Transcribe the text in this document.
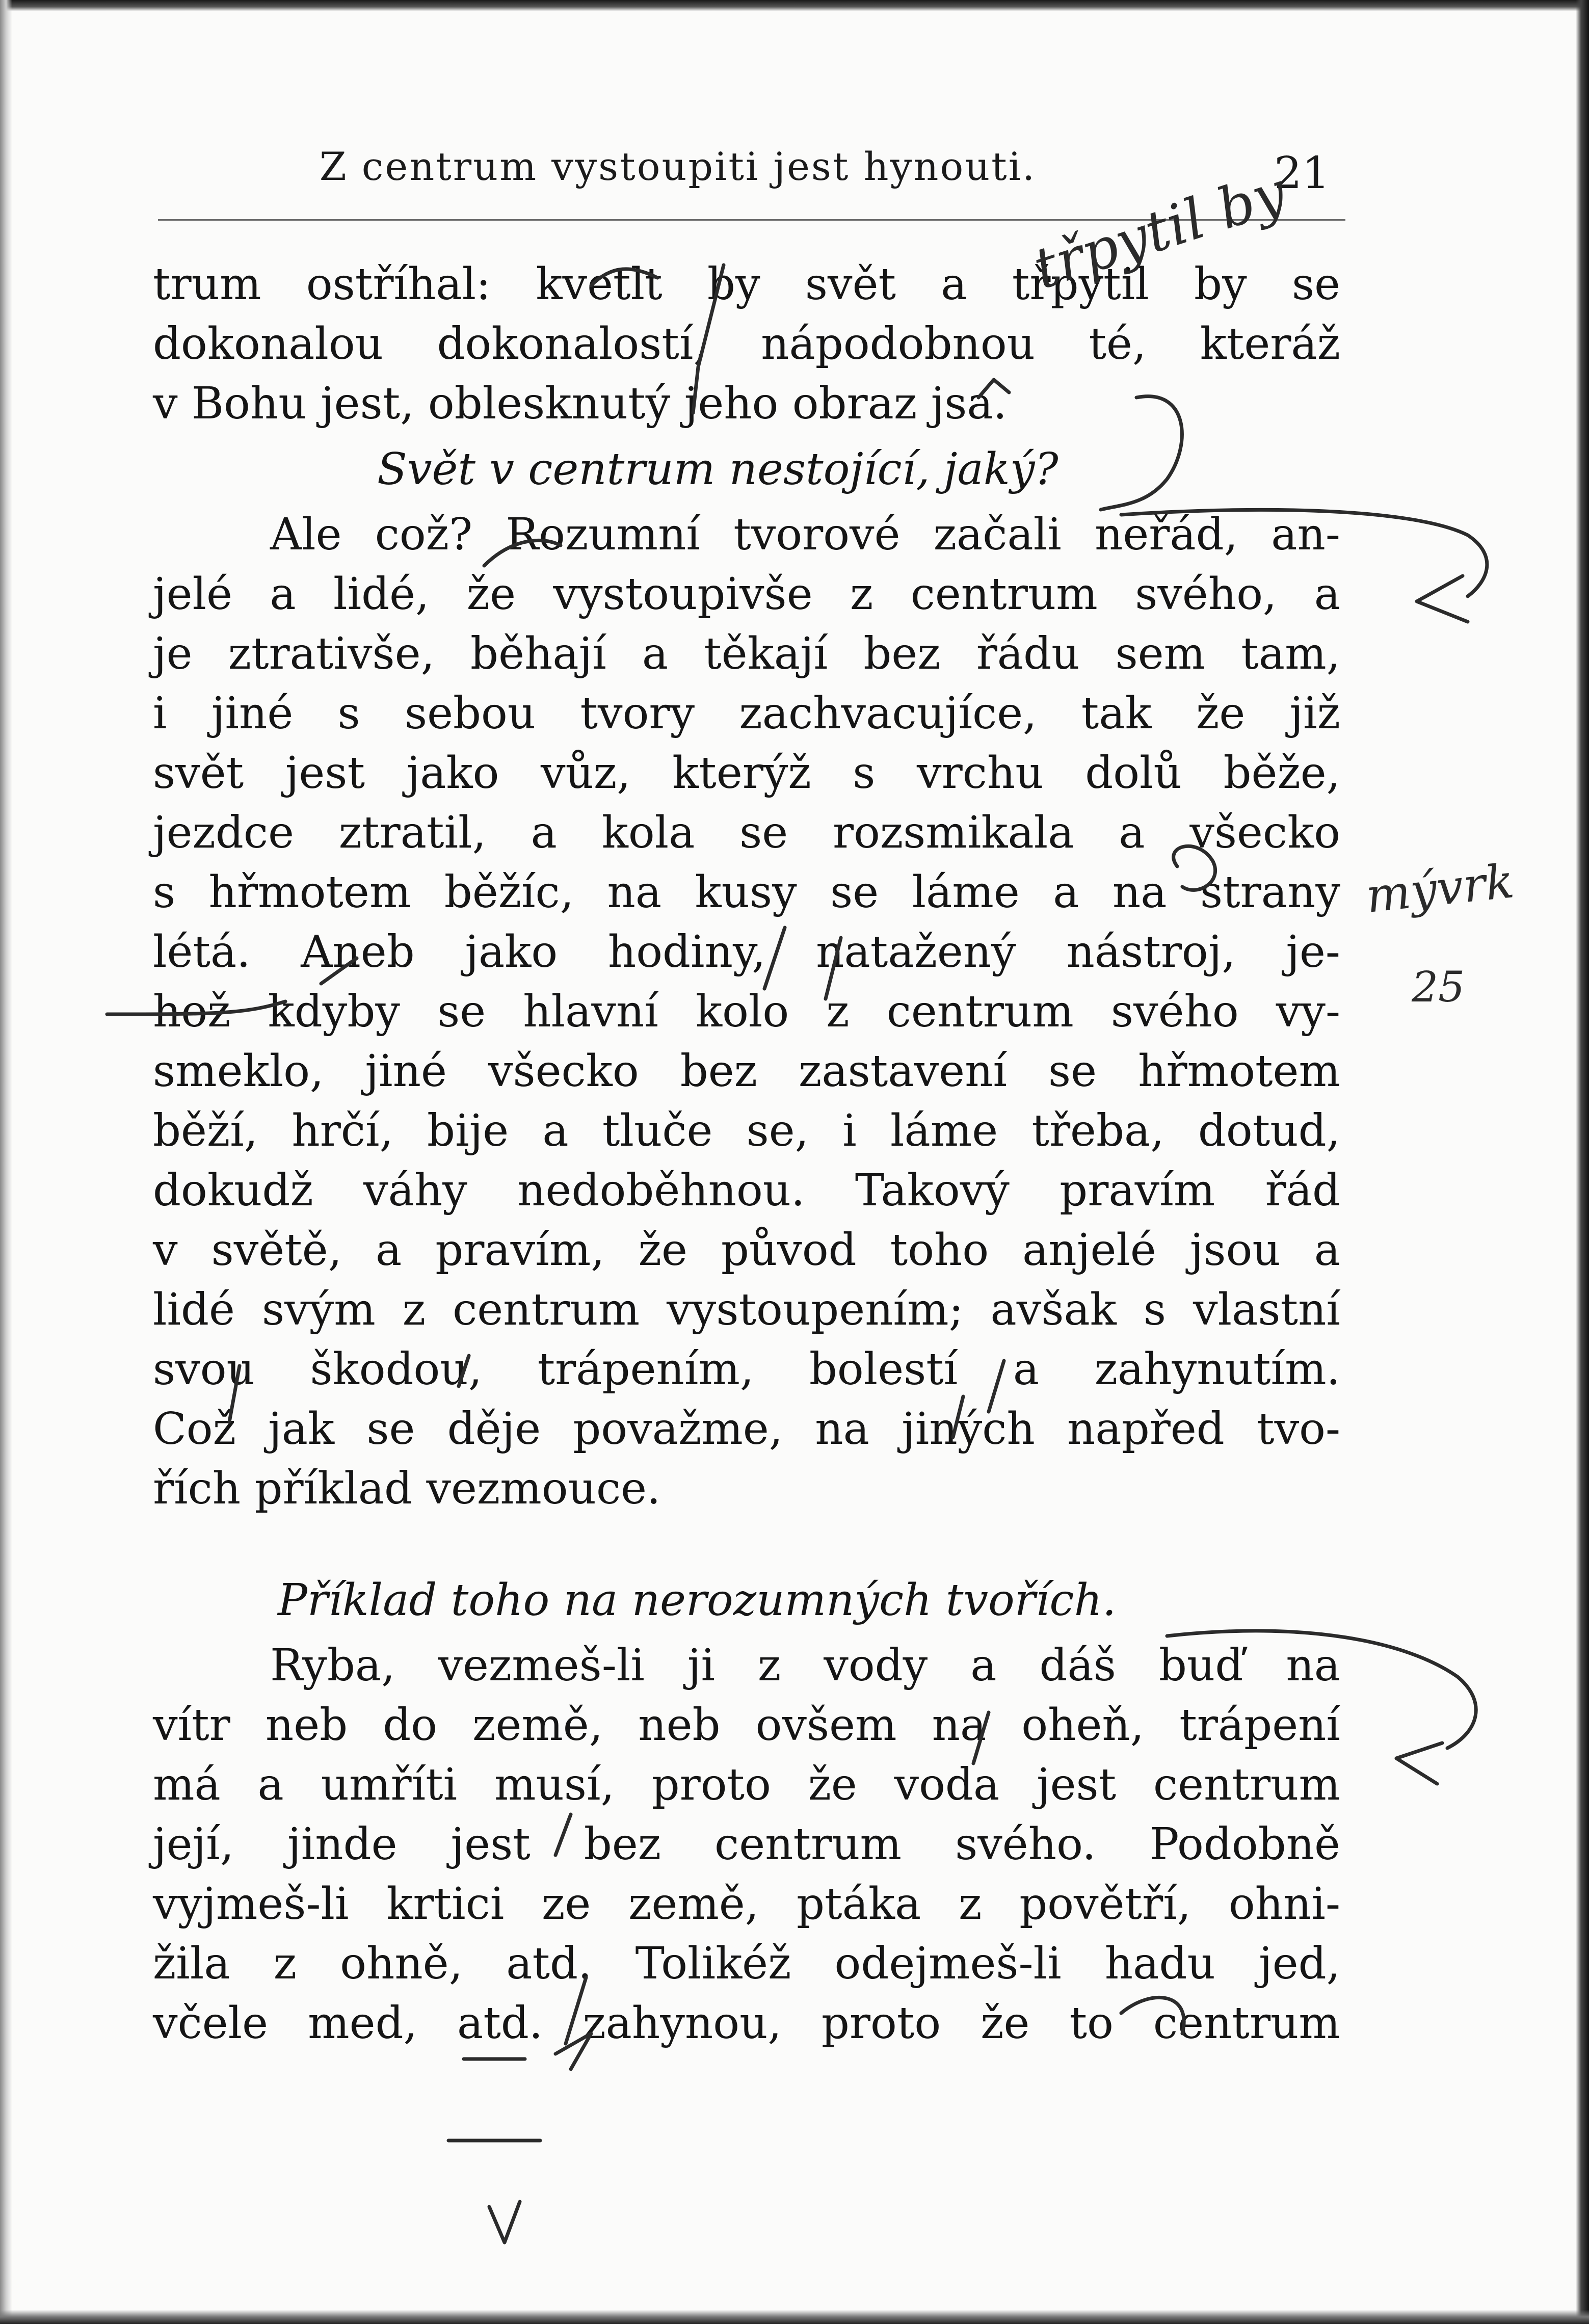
Z centrum vystoupiti jest hynouti.	21
trum ostříhal: kvetlt by svět a třpytil by se
dokonalou dokonalostí, nápodobnou té, kteráž
v Bohu jest, oblesknutý jeho obraz jsa.
Svět v centrum nestojící, jaký?
Ale což? Rozumní tvorové začali neřád, an-
jelé a lidé, že vystoupivše z centrum svého, a
je ztrativše, běhají a těkají bez řádu sem tam,
i jiné s sebou tvory zachvacujíce, tak že již
svět jest jako vůz, kterýž s vrchu dolů běže,
jezdce ztratil, a kola se rozsmikala a všecko
s hřmotem běžíc, na kusy se láme a na strany
létá. Aneb jako hodiny, natažený nástroj, je-
hož kdyby se hlavní kolo z centrum svého vy-
smeklo, jiné všecko bez zastavení se hřmotem
běží, hrčí, bije a tluče se, i láme třeba, dotud,
dokudž váhy nedoběhnou. Takový pravím řád
v světě, a pravím, že původ toho anjelé jsou a
lidé svým z centrum vystoupením; avšak s vlastní
svou škodou, trápením, bolestí a zahynutím.
Což jak se děje považme, na jiných napřed tvo-
řích příklad vezmouce.
Příklad toho na nerozumných tvořích.
Ryba, vezmeš-li ji z vody a dáš buď na
vítr neb do země, neb ovšem na oheň, trápení
má a umříti musí, proto že voda jest centrum
její, jinde jest bez centrum svého. Podobně
vyjmeš-li krtici ze země, ptáka z povětří, ohni-
žila z ohně, atd. Tolikéž odejmeš-li hadu jed,
včele med, atd. zahynou, proto že to centrum
třpytil by
mývrk
25
